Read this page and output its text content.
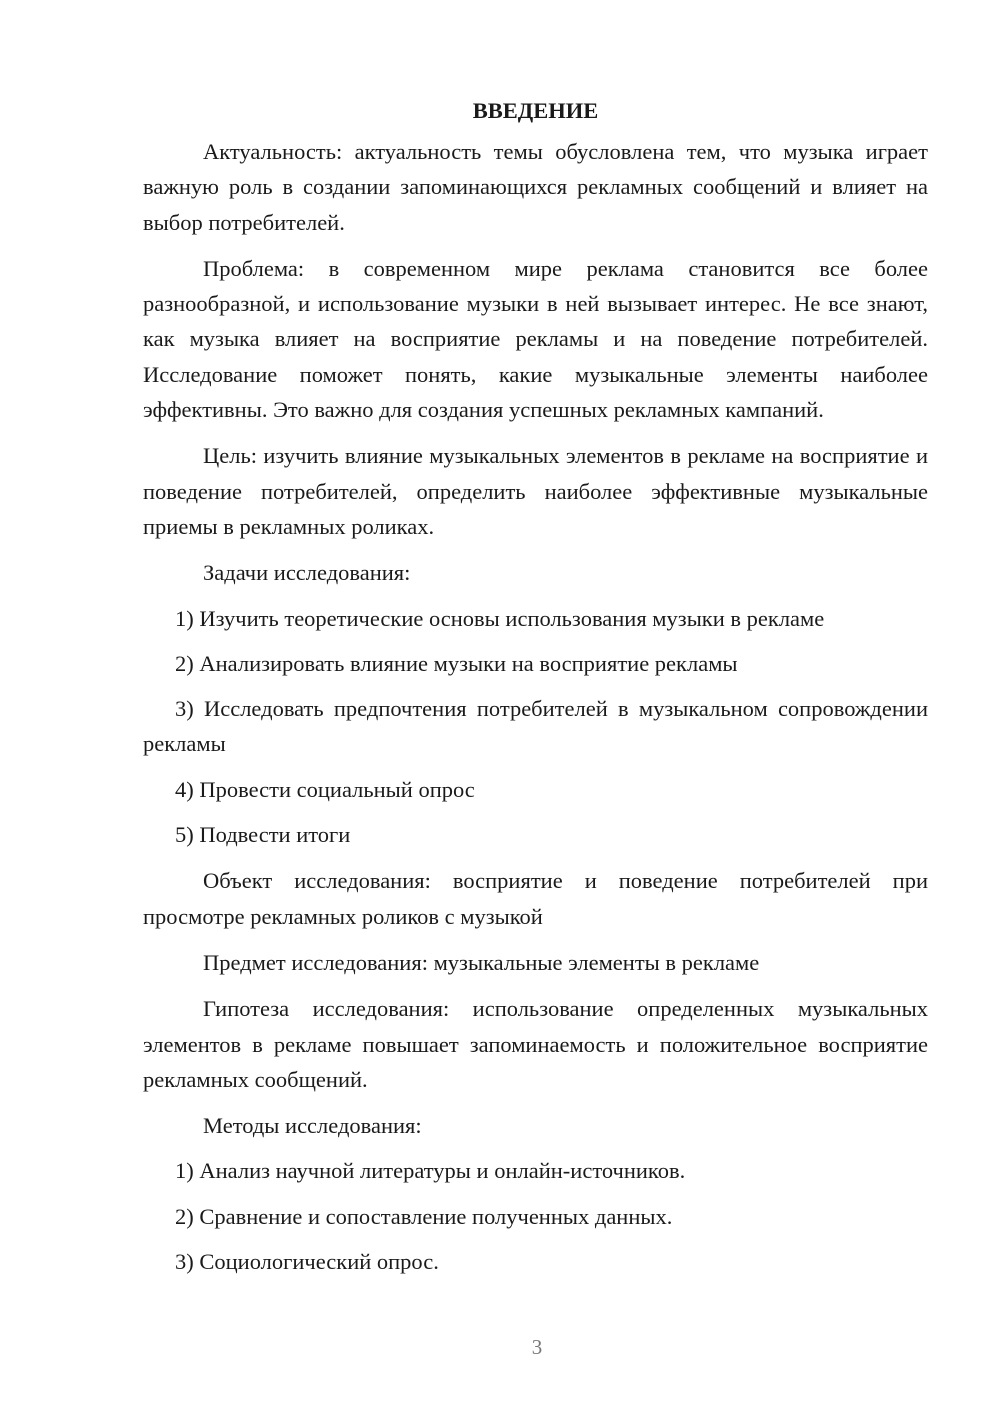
ВВЕДЕНИЕ

Актуальность: актуальность темы обусловлена тем, что музыка играет важную роль в создании запоминающихся рекламных сообщений и влияет на выбор потребителей.

Проблема: в современном мире реклама становится все более разнообразной, и использование музыки в ней вызывает интерес. Не все знают, как музыка влияет на восприятие рекламы и на поведение потребителей. Исследование поможет понять, какие музыкальные элементы наиболее эффективны. Это важно для создания успешных рекламных кампаний.

Цель: изучить влияние музыкальных элементов в рекламе на восприятие и поведение потребителей, определить наиболее эффективные музыкальные приемы в рекламных роликах.

Задачи исследования:

1) Изучить теоретические основы использования музыки в рекламе

2) Анализировать влияние музыки на восприятие рекламы

3) Исследовать предпочтения потребителей в музыкальном сопровождении рекламы

4) Провести социальный опрос

5) Подвести итоги

Объект исследования: восприятие и поведение потребителей при просмотре рекламных роликов с музыкой

Предмет исследования: музыкальные элементы в рекламе

Гипотеза исследования: использование определенных музыкальных элементов в рекламе повышает запоминаемость и положительное восприятие рекламных сообщений.

Методы исследования:

1) Анализ научной литературы и онлайн-источников.

2) Сравнение и сопоставление полученных данных.

3) Социологический опрос.

3
